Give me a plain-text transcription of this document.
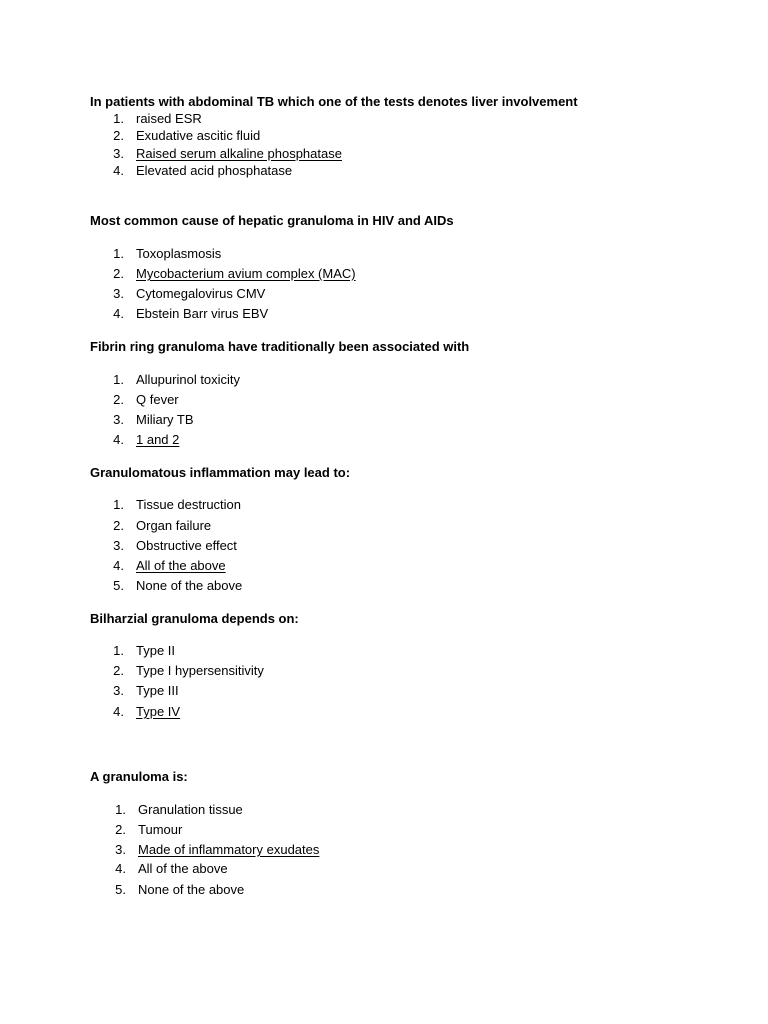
In patients with abdominal TB which one of the tests denotes liver involvement

1. raised ESR
2. Exudative ascitic fluid
3. Raised serum alkaline phosphatase
4. Elevated acid phosphatase

Most common cause of hepatic granuloma in HIV and AIDs

1. Toxoplasmosis
2. Mycobacterium avium complex (MAC)
3. Cytomegalovirus CMV
4. Ebstein Barr virus EBV

Fibrin ring granuloma have traditionally been associated with

1. Allupurinol toxicity
2. Q fever
3. Miliary TB
4. 1 and 2

Granulomatous inflammation may lead to:

1. Tissue destruction
2. Organ failure
3. Obstructive effect
4. All of the above
5. None of the above

Bilharzial granuloma depends on:

1. Type II
2. Type I hypersensitivity
3. Type III
4. Type IV

A granuloma is:

1. Granulation tissue
2. Tumour
3. Made of inflammatory exudates
4. All of the above
5. None of the above
